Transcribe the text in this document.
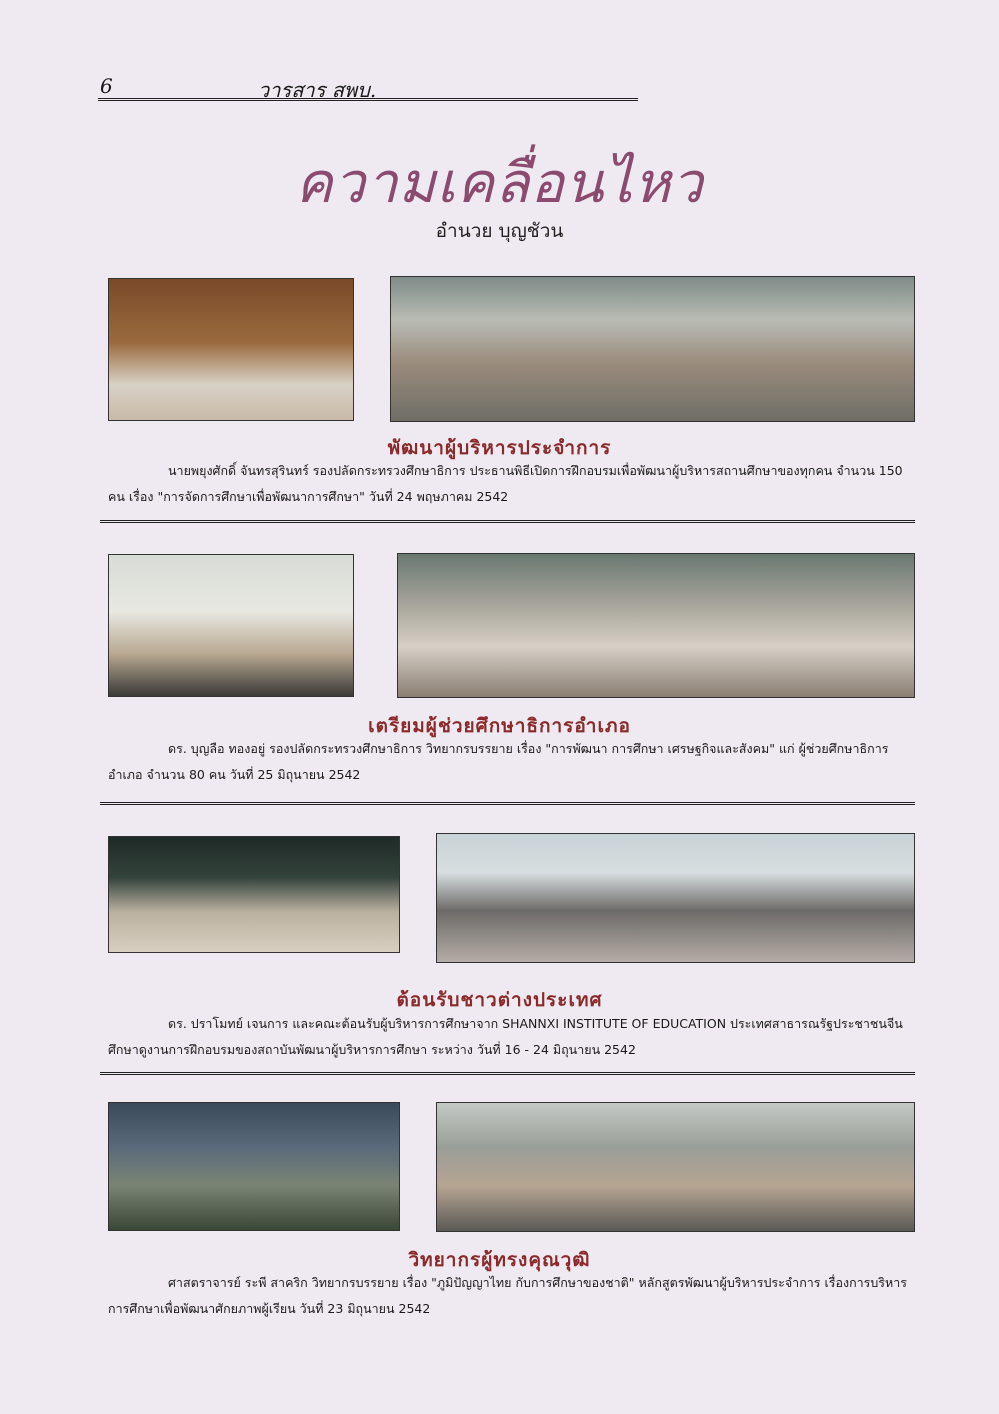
6	วารสาร สพบ.
ความเคลื่อนไหว
อำนวย บุญชัวน
พัฒนาผู้บริหารประจำการ
นายพยุงศักดิ์ จันทรสุรินทร์ รองปลัดกระทรวงศึกษาธิการ ประธานพิธีเปิดการฝึกอบรมเพื่อพัฒนาผู้บริหารสถานศึกษาของทุกคน จำนวน 150 คน เรื่อง "การจัดการศึกษาเพื่อพัฒนาการศึกษา" วันที่ 24 พฤษภาคม 2542
เตรียมผู้ช่วยศึกษาธิการอำเภอ
ดร. บุญลือ ทองอยู่ รองปลัดกระทรวงศึกษาธิการ วิทยากรบรรยาย เรื่อง "การพัฒนา การศึกษา เศรษฐกิจและสังคม" แก่ ผู้ช่วยศึกษาธิการอำเภอ จำนวน 80 คน วันที่ 25 มิถุนายน 2542
ต้อนรับชาวต่างประเทศ
ดร. ปราโมทย์ เจนการ และคณะต้อนรับผู้บริหารการศึกษาจาก SHANNXI INSTITUTE OF EDUCATION ประเทศสาธารณรัฐประชาชนจีน ศึกษาดูงานการฝึกอบรมของสถาบันพัฒนาผู้บริหารการศึกษา ระหว่าง วันที่ 16 - 24 มิถุนายน 2542
วิทยากรผู้ทรงคุณวุฒิ
ศาสตราจารย์ ระพี สาคริก วิทยากรบรรยาย เรื่อง "ภูมิปัญญาไทย กับการศึกษาของชาติ" หลักสูตรพัฒนาผู้บริหารประจำการ เรื่องการบริหารการศึกษาเพื่อพัฒนาศักยภาพผู้เรียน วันที่ 23 มิถุนายน 2542
